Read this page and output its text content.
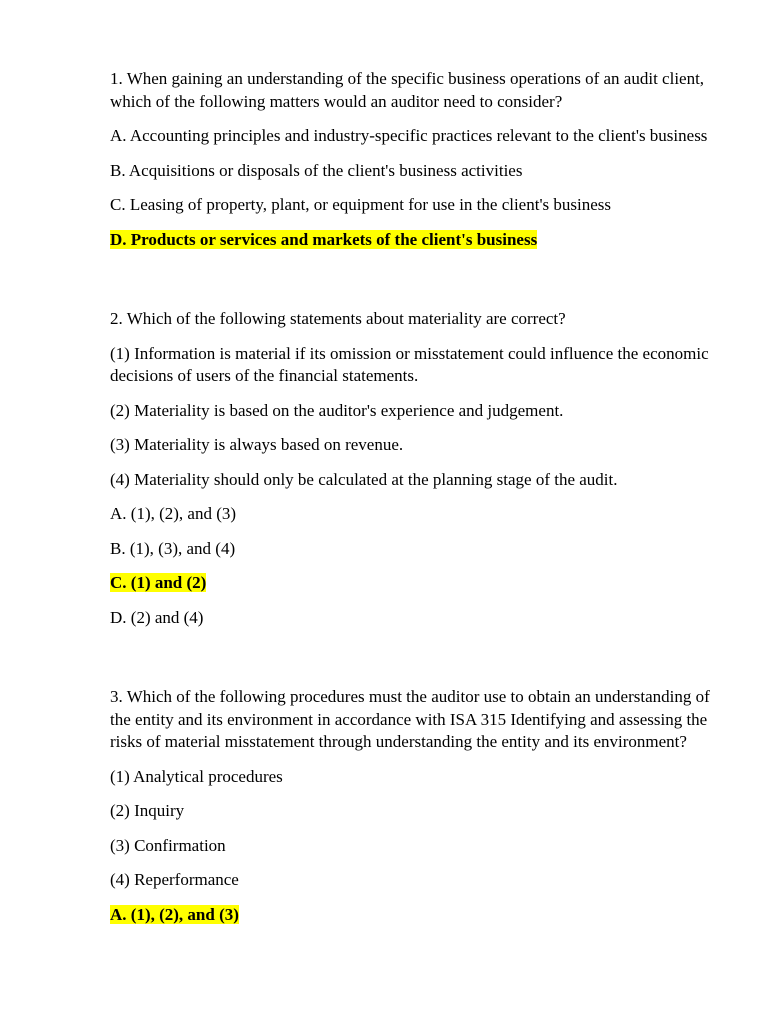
1. When gaining an understanding of the specific business operations of an audit client, which of the following matters would an auditor need to consider?

A. Accounting principles and industry-specific practices relevant to the client's business

B. Acquisitions or disposals of the client's business activities

C. Leasing of property, plant, or equipment for use in the client's business

D. Products or services and markets of the client's business

2. Which of the following statements about materiality are correct?

(1) Information is material if its omission or misstatement could influence the economic decisions of users of the financial statements.

(2) Materiality is based on the auditor's experience and judgement.

(3) Materiality is always based on revenue.

(4) Materiality should only be calculated at the planning stage of the audit.

A. (1), (2), and (3)

B. (1), (3), and (4)

C. (1) and (2)

D. (2) and (4)

3. Which of the following procedures must the auditor use to obtain an understanding of the entity and its environment in accordance with ISA 315 Identifying and assessing the risks of material misstatement through understanding the entity and its environment?

(1) Analytical procedures

(2) Inquiry

(3) Confirmation

(4) Reperformance

A. (1), (2), and (3)
